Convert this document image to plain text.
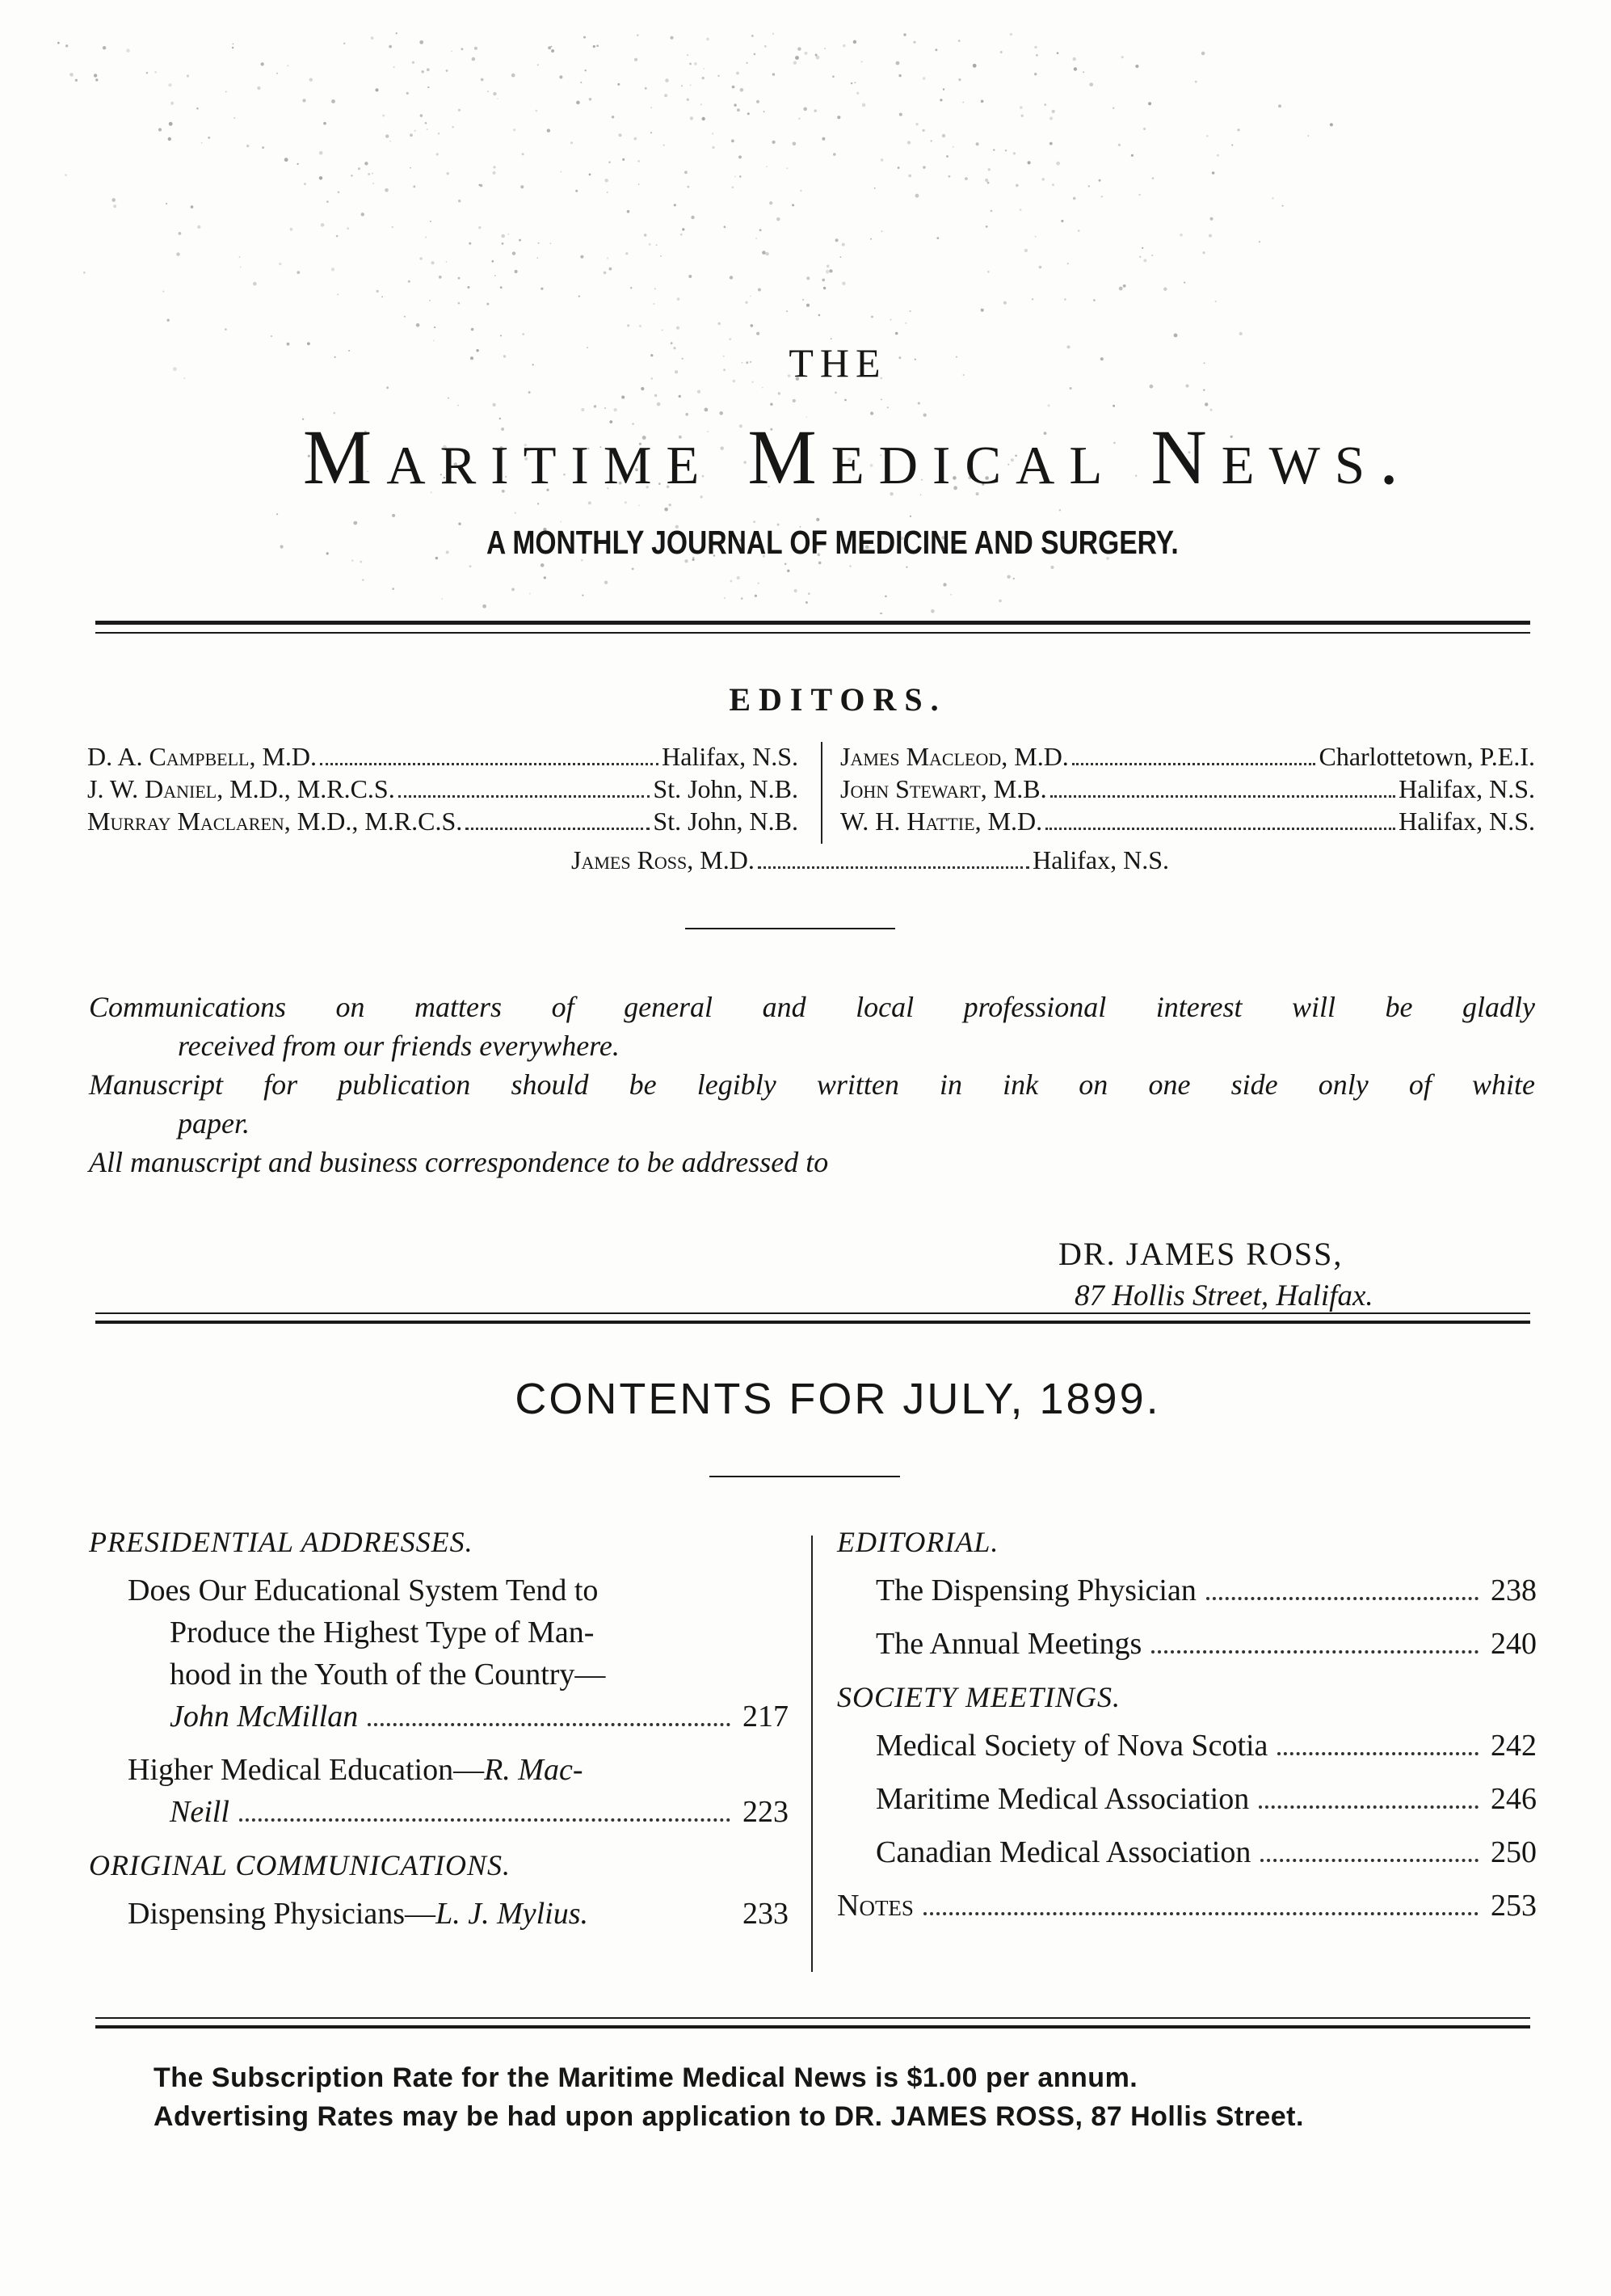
THE
Maritime Medical News.
A MONTHLY JOURNAL OF MEDICINE AND SURGERY.
EDITORS.
D. A. Campbell, M.D.	Halifax, N.S.
J. W. Daniel, M.D., M.R.C.S.	St. John, N.B.
Murray Maclaren, M.D., M.R.C.S.	St. John, N.B.
James Macleod, M.D.	Charlottetown, P.E.I.
John Stewart, M.B.	Halifax, N.S.
W. H. Hattie, M.D.	Halifax, N.S.
James Ross, M.D.	Halifax, N.S.
Communications on matters of general and local professional interest will be gladly
received from our friends everywhere.
Manuscript for publication should be legibly written in ink on one side only of white
paper.
All manuscript and business correspondence to be addressed to
DR. JAMES ROSS,
87 Hollis Street, Halifax.
CONTENTS FOR JULY, 1899.
PRESIDENTIAL ADDRESSES.
Does Our Educational System Tend to
Produce the Highest Type of Man-
hood in the Youth of the Country—
John McMillan	217
Higher Medical Education—R. Mac-
Neill	223
ORIGINAL COMMUNICATIONS.
Dispensing Physicians— L. J. Mylius.	233
EDITORIAL.
The Dispensing Physician	238
The Annual Meetings	240
SOCIETY MEETINGS.
Medical Society of Nova Scotia	242
Maritime Medical Association	246
Canadian Medical Association	250
Notes	253
The Subscription Rate for the Maritime Medical News is $1.00 per annum.
Advertising Rates may be had upon application to DR. JAMES ROSS, 87 Hollis Street.
